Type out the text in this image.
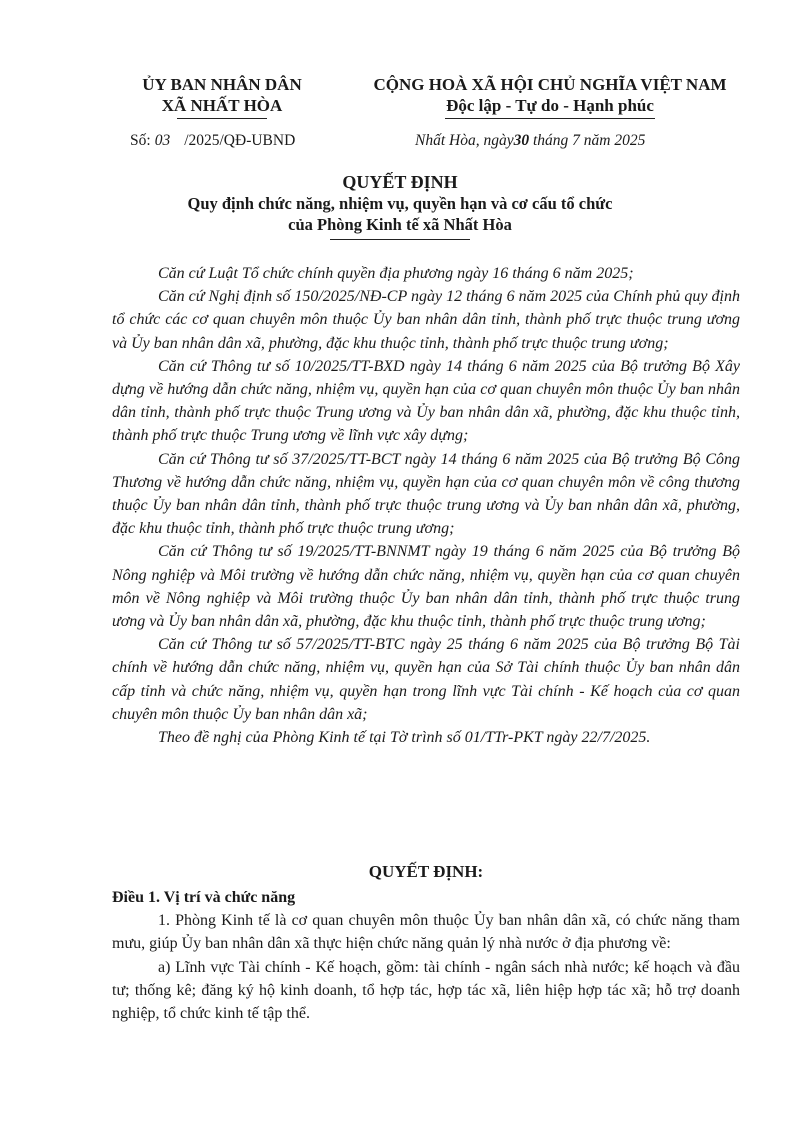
ỦY BAN NHÂN DÂN
XÃ NHẤT HÒA
CỘNG HOÀ XÃ HỘI CHỦ NGHĨA VIỆT NAM
Độc lập - Tự do - Hạnh phúc
Số: 03 /2025/QĐ-UBND	Nhất Hòa, ngày30 tháng 7 năm 2025
QUYẾT ĐỊNH
Quy định chức năng, nhiệm vụ, quyền hạn và cơ cấu tổ chức
của Phòng Kinh tế xã Nhất Hòa

Căn cứ Luật Tổ chức chính quyền địa phương ngày 16 tháng 6 năm 2025;

Căn cứ Nghị định số 150/2025/NĐ-CP ngày 12 tháng 6 năm 2025 của Chính phủ quy định tổ chức các cơ quan chuyên môn thuộc Ủy ban nhân dân tỉnh, thành phố trực thuộc trung ương và Ủy ban nhân dân xã, phường, đặc khu thuộc tỉnh, thành phố trực thuộc trung ương;

Căn cứ Thông tư số 10/2025/TT-BXD ngày 14 tháng 6 năm 2025 của Bộ trưởng Bộ Xây dựng về hướng dẫn chức năng, nhiệm vụ, quyền hạn của cơ quan chuyên môn thuộc Ủy ban nhân dân tỉnh, thành phố trực thuộc Trung ương và Ủy ban nhân dân xã, phường, đặc khu thuộc tỉnh, thành phố trực thuộc Trung ương về lĩnh vực xây dựng;

Căn cứ Thông tư số 37/2025/TT-BCT ngày 14 tháng 6 năm 2025 của Bộ trưởng Bộ Công Thương về hướng dẫn chức năng, nhiệm vụ, quyền hạn của cơ quan chuyên môn về công thương thuộc Ủy ban nhân dân tỉnh, thành phố trực thuộc trung ương và Ủy ban nhân dân xã, phường, đặc khu thuộc tỉnh, thành phố trực thuộc trung ương;

Căn cứ Thông tư số 19/2025/TT-BNNMT ngày 19 tháng 6 năm 2025 của Bộ trưởng Bộ Nông nghiệp và Môi trường về hướng dẫn chức năng, nhiệm vụ, quyền hạn của cơ quan chuyên môn về Nông nghiệp và Môi trường thuộc Ủy ban nhân dân tỉnh, thành phố trực thuộc trung ương và Ủy ban nhân dân xã, phường, đặc khu thuộc tỉnh, thành phố trực thuộc trung ương;

Căn cứ Thông tư số 57/2025/TT-BTC ngày 25 tháng 6 năm 2025 của Bộ trưởng Bộ Tài chính về hướng dẫn chức năng, nhiệm vụ, quyền hạn của Sở Tài chính thuộc Ủy ban nhân dân cấp tỉnh và chức năng, nhiệm vụ, quyền hạn trong lĩnh vực Tài chính - Kế hoạch của cơ quan chuyên môn thuộc Ủy ban nhân dân xã;

Theo đề nghị của Phòng Kinh tế tại Tờ trình số 01/TTr-PKT ngày 22/7/2025.

QUYẾT ĐỊNH:
Điều 1. Vị trí và chức năng

1. Phòng Kinh tế là cơ quan chuyên môn thuộc Ủy ban nhân dân xã, có chức năng tham mưu, giúp Ủy ban nhân dân xã thực hiện chức năng quản lý nhà nước ở địa phương về:

a) Lĩnh vực Tài chính - Kế hoạch, gồm: tài chính - ngân sách nhà nước; kế hoạch và đầu tư; thống kê; đăng ký hộ kinh doanh, tổ hợp tác, hợp tác xã, liên hiệp hợp tác xã; hỗ trợ doanh nghiệp, tổ chức kinh tế tập thể.
